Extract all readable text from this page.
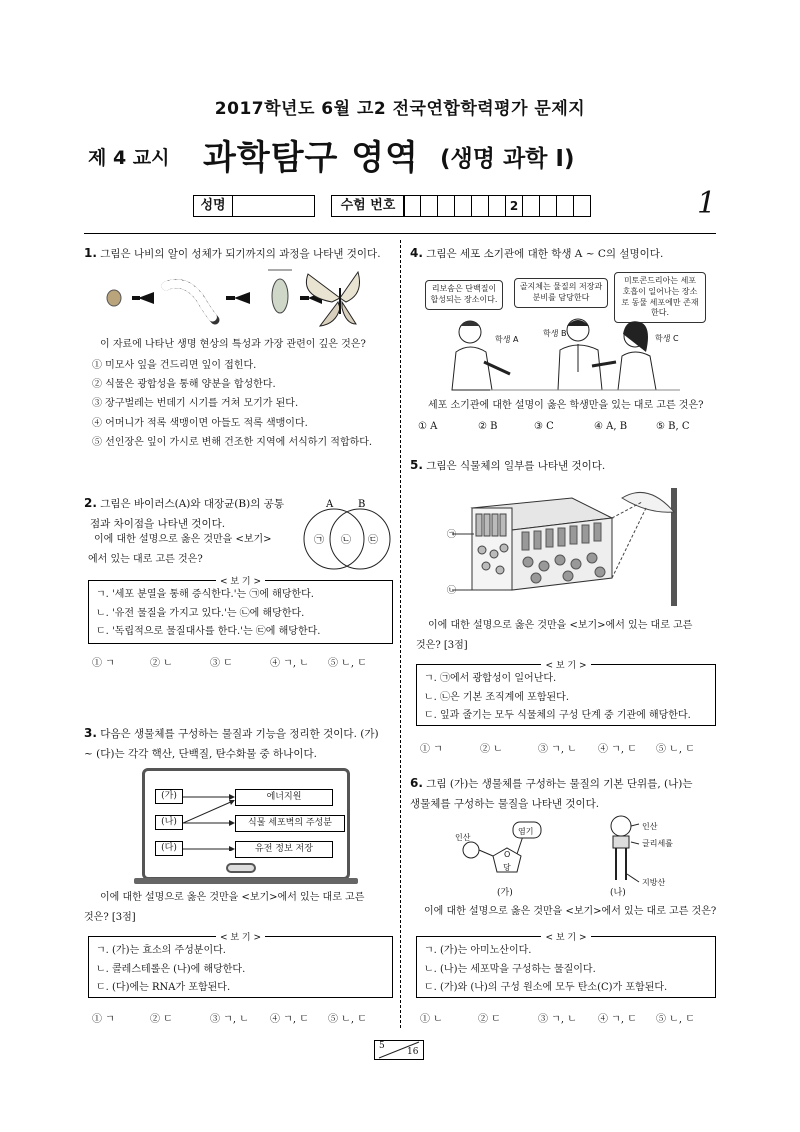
2017학년도 6월 고2 전국연합학력평가 문제지
제 4 교시 과학탐구 영역 (생명 과학 Ⅰ)
성명	수험 번호	2	1
1. 그림은 나비의 알이 성체가 되기까지의 과정을 나타낸 것이다.
이 자료에 나타난 생명 현상의 특성과 가장 관련이 깊은 것은?
① 미모사 잎을 건드리면 잎이 접힌다.
② 식물은 광합성을 통해 양분을 합성한다.
③ 장구벌레는 번데기 시기를 거쳐 모기가 된다.
④ 어머니가 적록 색맹이면 아들도 적록 색맹이다.
⑤ 선인장은 잎이 가시로 변해 건조한 지역에 서식하기 적합하다.
2. 그림은 바이러스(A)와 대장균(B)의 공통
점과 차이점을 나타낸 것이다.
이에 대한 설명으로 옳은 것만을 <보기>
에서 있는 대로 고른 것은?
A B
㉠ ㉡ ㉢
< 보 기 >
ㄱ. '세포 분열을 통해 증식한다.'는 ㉠에 해당한다.
ㄴ. '유전 물질을 가지고 있다.'는 ㉡에 해당한다.
ㄷ. '독립적으로 물질대사를 한다.'는 ㉢에 해당한다.
① ㄱ	② ㄴ	③ ㄷ	④ ㄱ, ㄴ ⑤ ㄴ, ㄷ
3. 다음은 생물체를 구성하는 물질과 기능을 정리한 것이다. (가)
~ (다)는 각각 핵산, 단백질, 탄수화물 중 하나이다.
(가)	에너지원
(나)	식물 세포벽의 주성분
(다)	유전 정보 저장
이에 대한 설명으로 옳은 것만을 <보기>에서 있는 대로 고른
것은? [3점]
< 보 기 >
ㄱ. (가)는 효소의 주성분이다.
ㄴ. 콜레스테롤은 (나)에 해당한다.
ㄷ. (다)에는 RNA가 포함된다.
① ㄱ	② ㄷ	③ ㄱ, ㄴ ④ ㄱ, ㄷ ⑤ ㄴ, ㄷ
4. 그림은 세포 소기관에 대한 학생 A ~ C의 설명이다.
리보솜은 단백질이 합성되는 장소이다.
골지체는 물질의 저장과 분비를 담당한다
미토콘드리아는 세포 호흡이 일어나는 장소로 동물 세포에만 존재한다.
학생 A
학생 B
학생 C
세포 소기관에 대한 설명이 옳은 학생만을 있는 대로 고른 것은?
① A	② B	③ C	④ A, B	⑤ B, C
5. 그림은 식물체의 일부를 나타낸 것이다.
㉠
㉡
이에 대한 설명으로 옳은 것만을 <보기>에서 있는 대로 고른
것은? [3점]
< 보 기 >
ㄱ. ㉠에서 광합성이 일어난다.
ㄴ. ㉡은 기본 조직계에 포함된다.
ㄷ. 잎과 줄기는 모두 식물체의 구성 단계 중 기관에 해당한다.
① ㄱ	② ㄴ	③ ㄱ, ㄴ ④ ㄱ, ㄷ ⑤ ㄴ, ㄷ
6. 그림 (가)는 생물체를 구성하는 물질의 기본 단위를, (나)는
생물체를 구성하는 물질을 나타낸 것이다.
인산
염기
O
당
인산
글리세롤
지방산
(가)	(나)
이에 대한 설명으로 옳은 것만을 <보기>에서 있는 대로 고른 것은?
< 보 기 >
ㄱ. (가)는 아미노산이다.
ㄴ. (나)는 세포막을 구성하는 물질이다.
ㄷ. (가)와 (나)의 구성 원소에 모두 탄소(C)가 포함된다.
① ㄴ	② ㄷ	③ ㄱ, ㄴ ④ ㄱ, ㄷ ⑤ ㄴ, ㄷ
5
16
